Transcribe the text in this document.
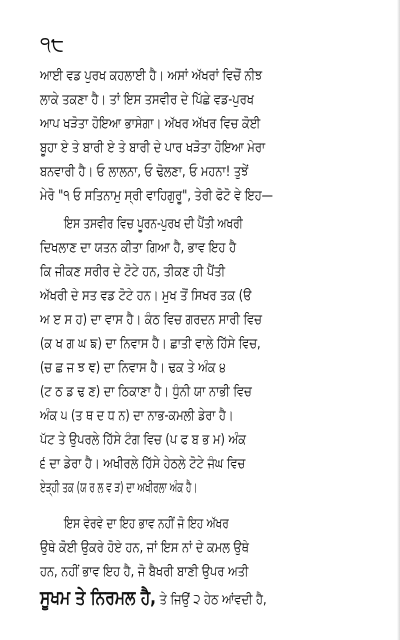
੧੮
ਆਈ ਵਡ ਪੁਰਖ ਕਹਲਾਈ ਹੈ। ਅਸਾਂ ਅੱਖਰਾਂ ਵਿਚੋਂ ਨੀਝ
ਲਾਕੇ ਤਕਣਾ ਹੈ। ਤਾਂ ਇਸ ਤਸਵੀਰ ਦੇ ਪਿੱਛੇ ਵਡ-ਪੁਰਖ
ਆਪ ਖੜੋਤਾ ਹੋਇਆ ਭਾਸੇਗਾ। ਅੱਖਰ ਅੱਖਰ ਵਿਚ ਕੋਈ
ਬੂਹਾ ਏ ਤੇ ਬਾਰੀ ਏ ਤੇ ਬਾਰੀ ਦੇ ਪਾਰ ਖੜੋਤਾ ਹੋਇਆ ਮੇਰਾ
ਬਨਵਾਰੀ ਹੈ। ਓ ਲਾਲਨਾ, ਓ ਢੋਲਣਾ, ਓ ਮਹਨਾ! ਤੁਝੇਂ
ਮੇਰੋ "੧ ਓ ਸਤਿਨਾਮੁ ਸ੍ਰੀ ਵਾਹਿਗੁਰੂ", ਤੇਰੀ ਫੋਟੋ ਵੇ ਇਹ—
ਇਸ ਤਸਵੀਰ ਵਿਚ ਪੂਰਨ-ਪੁਰਖ ਦੀ ਪੈਂਤੀ ਅਖਰੀ
ਦਿਖਲਾਣ ਦਾ ਯਤਨ ਕੀਤਾ ਗਿਆ ਹੈ, ਭਾਵ ਇਹ ਹੈ
ਕਿ ਜੀਕਣ ਸਰੀਰ ਦੇ ਟੋਟੇ ਹਨ, ਤੀਕਣ ਹੀ ਪੈਂਤੀ
ਅੱਖਰੀ ਦੇ ਸਤ ਵਡ ਟੋਟੇ ਹਨ। ਮੁਖ ਤੋਂ ਸਿਖਰ ਤਕ (ੳ
ਅ ੲ ਸ ਹ) ਦਾ ਵਾਸ ਹੈ। ਕੰਠ ਵਿਚ ਗਰਦਨ ਸਾਰੀ ਵਿਚ
(ਕ ਖ ਗ ਘ ਙ) ਦਾ ਨਿਵਾਸ ਹੈ। ਛਾਤੀ ਵਾਲੇ ਹਿੱਸੇ ਵਿਚ,
(ਚ ਛ ਜ ਝ ਞ) ਦਾ ਨਿਵਾਸ ਹੈ। ਢਕ ਤੇ ਅੰਕ ੪
(ਟ ਠ ਡ ਢ ਣ) ਦਾ ਠਿਕਾਣਾ ਹੈ। ਧੁੰਨੀ ਯਾ ਨਾਭੀ ਵਿਚ
ਅੰਕ ੫ (ਤ ਥ ਦ ਧ ਨ) ਦਾ ਨਾਭ-ਕਮਲੀ ਡੇਰਾ ਹੈ।
ਪੱਟ ਤੇ ਉਪਰਲੇ ਹਿੱਸੇ ਟੰਗ ਵਿਚ (ਪ ਫ ਬ ਭ ਮ) ਅੰਕ
੬ ਦਾ ਡੇਰਾ ਹੈ। ਅਖੀਰਲੇ ਹਿੱਸੇ ਹੇਠਲੇ ਟੋਟੇ ਜੰਘ ਵਿਚ
ਏੜ੍ਹੀ ਤਕ (ਯ ਰ ਲ ਵ ੜ) ਦਾ ਅਖੀਰਲਾ ਅੰਕ ਹੈ।
ਇਸ ਵੇਰਵੇ ਦਾ ਇਹ ਭਾਵ ਨਹੀਂ ਜੋ ਇਹ ਅੱਖਰ
ਉਥੇ ਕੋਈ ਉਕਰੇ ਹੋਏ ਹਨ, ਜਾਂ ਇਸ ਨਾਂ ਦੇ ਕਮਲ ਉਥੇ
ਹਨ, ਨਹੀਂ ਭਾਵ ਇਹ ਹੈ, ਜੋ ਬੈਖਰੀ ਬਾਣੀ ਉਪਰ ਅਤੀ
ਸੂਖਮ ਤੇ ਨਿਰਮਲ ਹੈ, ਤੇ ਜਿਉਂ ੨ ਹੇਠ ਆਂਵਦੀ ਹੈ,
